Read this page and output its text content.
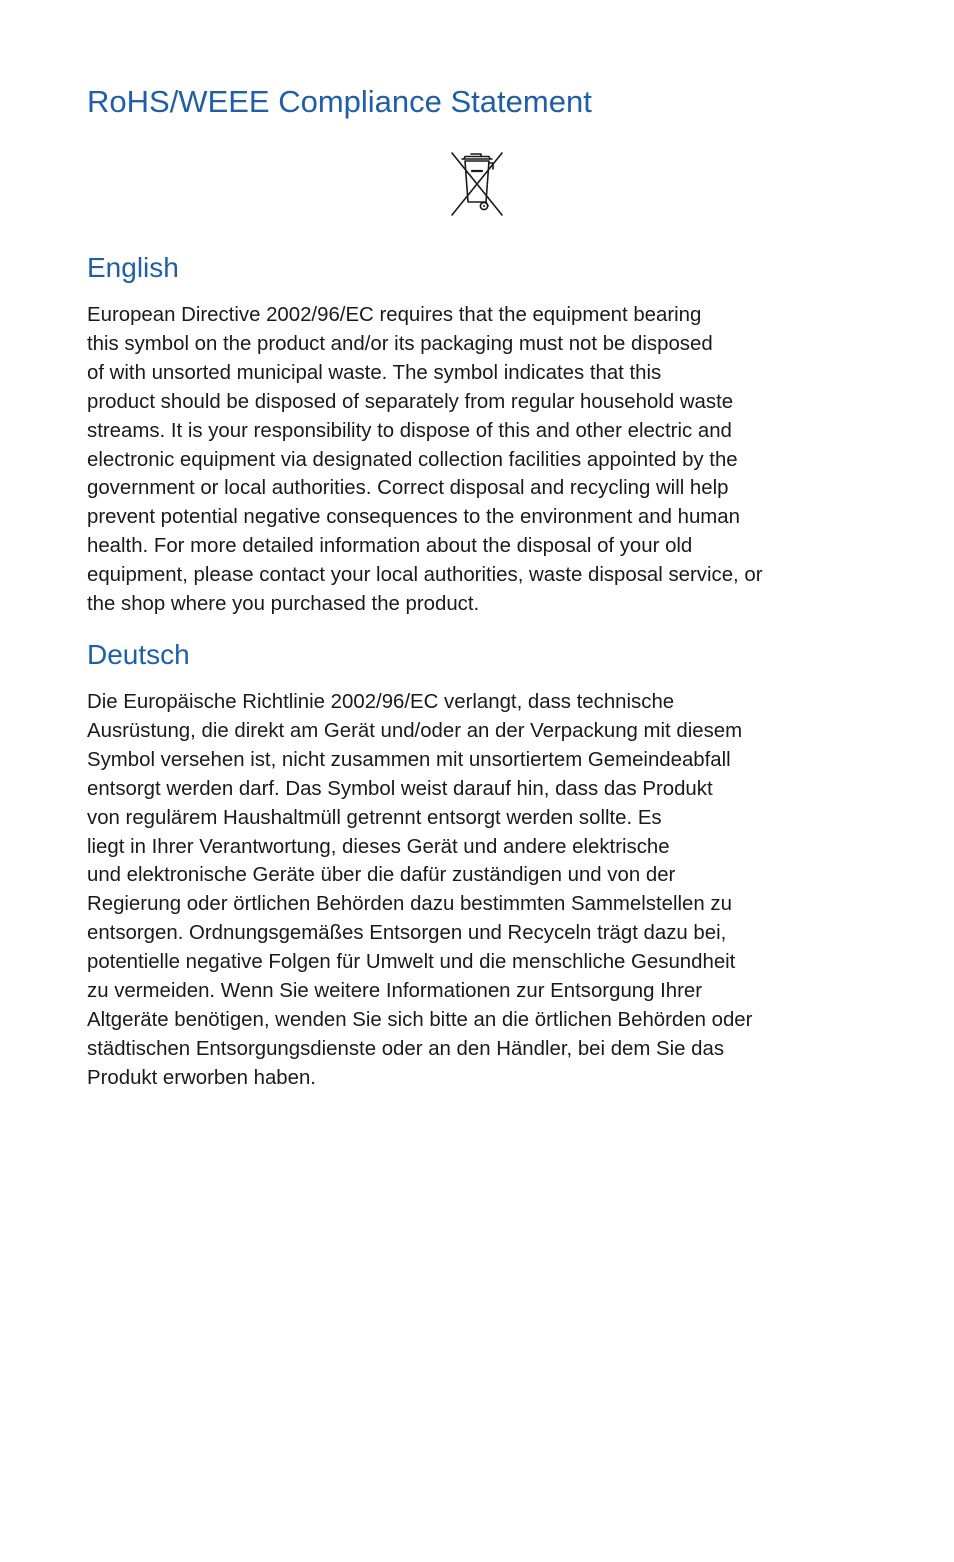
RoHS/WEEE Compliance Statement
English

European Directive 2002/96/EC requires that the equipment bearing
this symbol on the product and/or its packaging must not be disposed
of with unsorted municipal waste. The symbol indicates that this
product should be disposed of separately from regular household waste
streams. It is your responsibility to dispose of this and other electric and
electronic equipment via designated collection facilities appointed by the
government or local authorities. Correct disposal and recycling will help
prevent potential negative consequences to the environment and human
health. For more detailed information about the disposal of your old
equipment, please contact your local authorities, waste disposal service, or
the shop where you purchased the product.

Deutsch

Die Europäische Richtlinie 2002/96/EC verlangt, dass technische
Ausrüstung, die direkt am Gerät und/oder an der Verpackung mit diesem
Symbol versehen ist, nicht zusammen mit unsortiertem Gemeindeabfall
entsorgt werden darf. Das Symbol weist darauf hin, dass das Produkt
von regulärem Haushaltmüll getrennt entsorgt werden sollte. Es
liegt in Ihrer Verantwortung, dieses Gerät und andere elektrische
und elektronische Geräte über die dafür zuständigen und von der
Regierung oder örtlichen Behörden dazu bestimmten Sammelstellen zu
entsorgen. Ordnungsgemäßes Entsorgen und Recyceln trägt dazu bei,
potentielle negative Folgen für Umwelt und die menschliche Gesundheit
zu vermeiden. Wenn Sie weitere Informationen zur Entsorgung Ihrer
Altgeräte benötigen, wenden Sie sich bitte an die örtlichen Behörden oder
städtischen Entsorgungsdienste oder an den Händler, bei dem Sie das
Produkt erworben haben.
